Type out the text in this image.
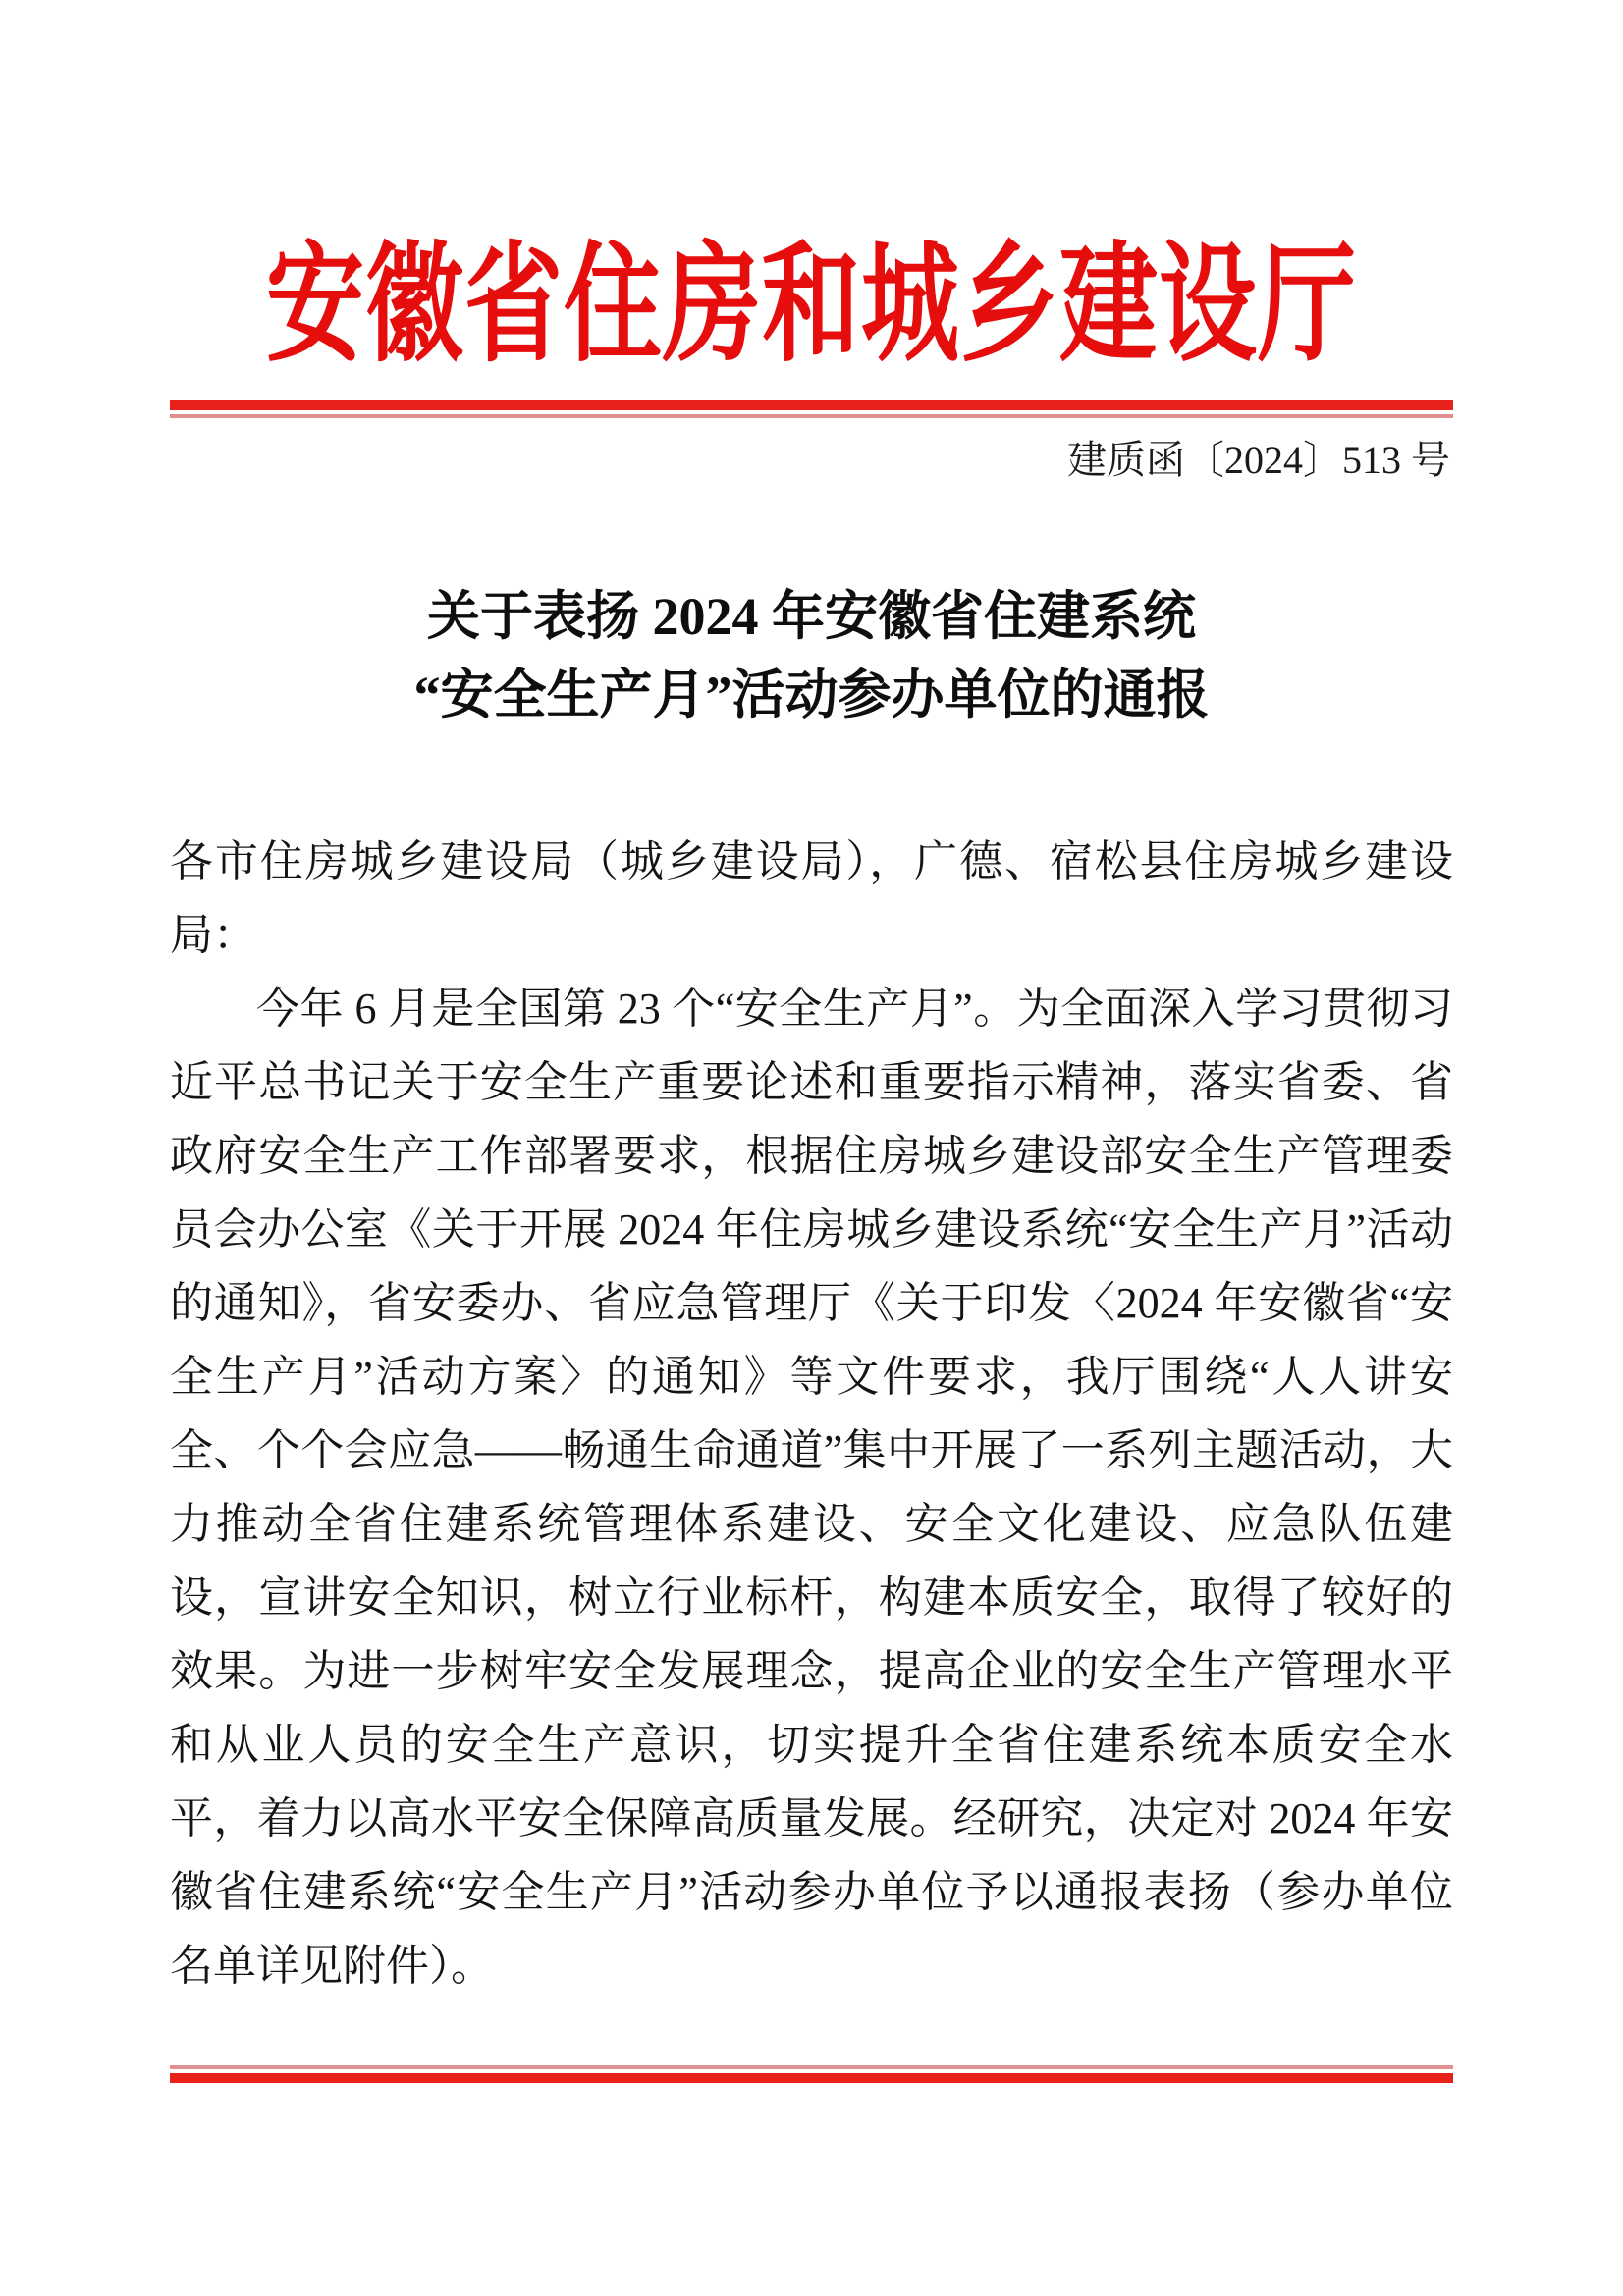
安徽省住房和城乡建设厅
建质函〔2024〕513 号
关于表扬 2024 年安徽省住建系统
“安全生产月”活动参办单位的通报

各市住房城乡建设局（城乡建设局），广德、宿松县住房城乡建设局：

今年 6 月是全国第 23 个“安全生产月”。为全面深入学习贯彻习近平总书记关于安全生产重要论述和重要指示精神，落实省委、省政府安全生产工作部署要求，根据住房城乡建设部安全生产管理委员会办公室《关于开展 2024 年住房城乡建设系统“安全生产月”活动的通知》，省安委办、省应急管理厅《关于印发〈2024 年安徽省“安全生产月”活动方案〉的通知》等文件要求，我厅围绕“人人讲安全、个个会应急——畅通生命通道”集中开展了一系列主题活动，大力推动全省住建系统管理体系建设、安全文化建设、应急队伍建设，宣讲安全知识，树立行业标杆，构建本质安全，取得了较好的效果。为进一步树牢安全发展理念，提高企业的安全生产管理水平和从业人员的安全生产意识，切实提升全省住建系统本质安全水平，着力以高水平安全保障高质量发展。经研究，决定对 2024 年安徽省住建系统“安全生产月”活动参办单位予以通报表扬（参办单位名单详见附件）。
